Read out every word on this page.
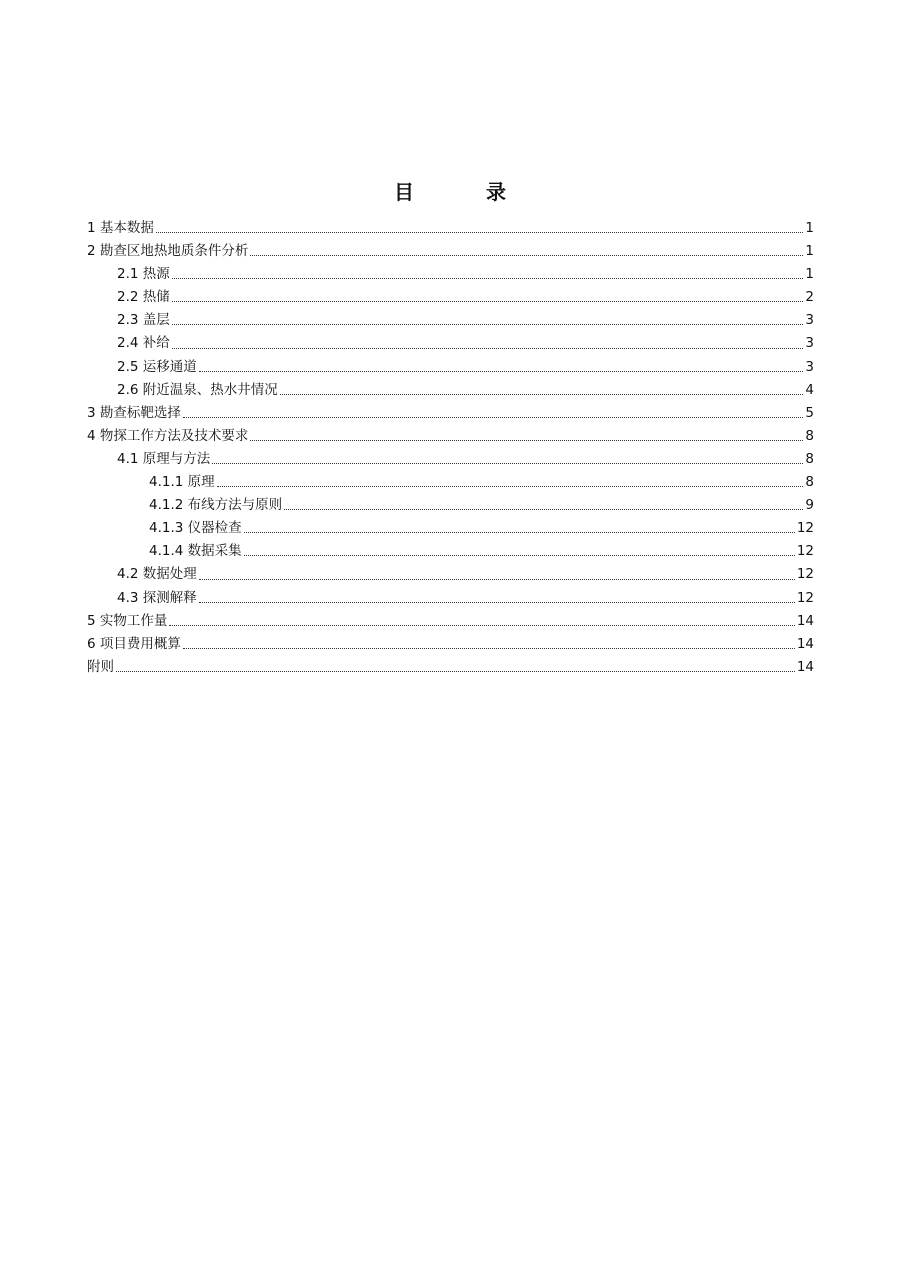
目　录
1 基本数据	1
2 勘查区地热地质条件分析	1
2.1 热源	1
2.2 热储	2
2.3 盖层	3
2.4 补给	3
2.5 运移通道	3
2.6 附近温泉、热水井情况	4
3 勘查标靶选择	5
4 物探工作方法及技术要求	8
4.1 原理与方法	8
4.1.1 原理	8
4.1.2 布线方法与原则	9
4.1.3 仪器检查	12
4.1.4 数据采集	12
4.2 数据处理	12
4.3 探测解释	12
5 实物工作量	14
6 项目费用概算	14
附则	14
